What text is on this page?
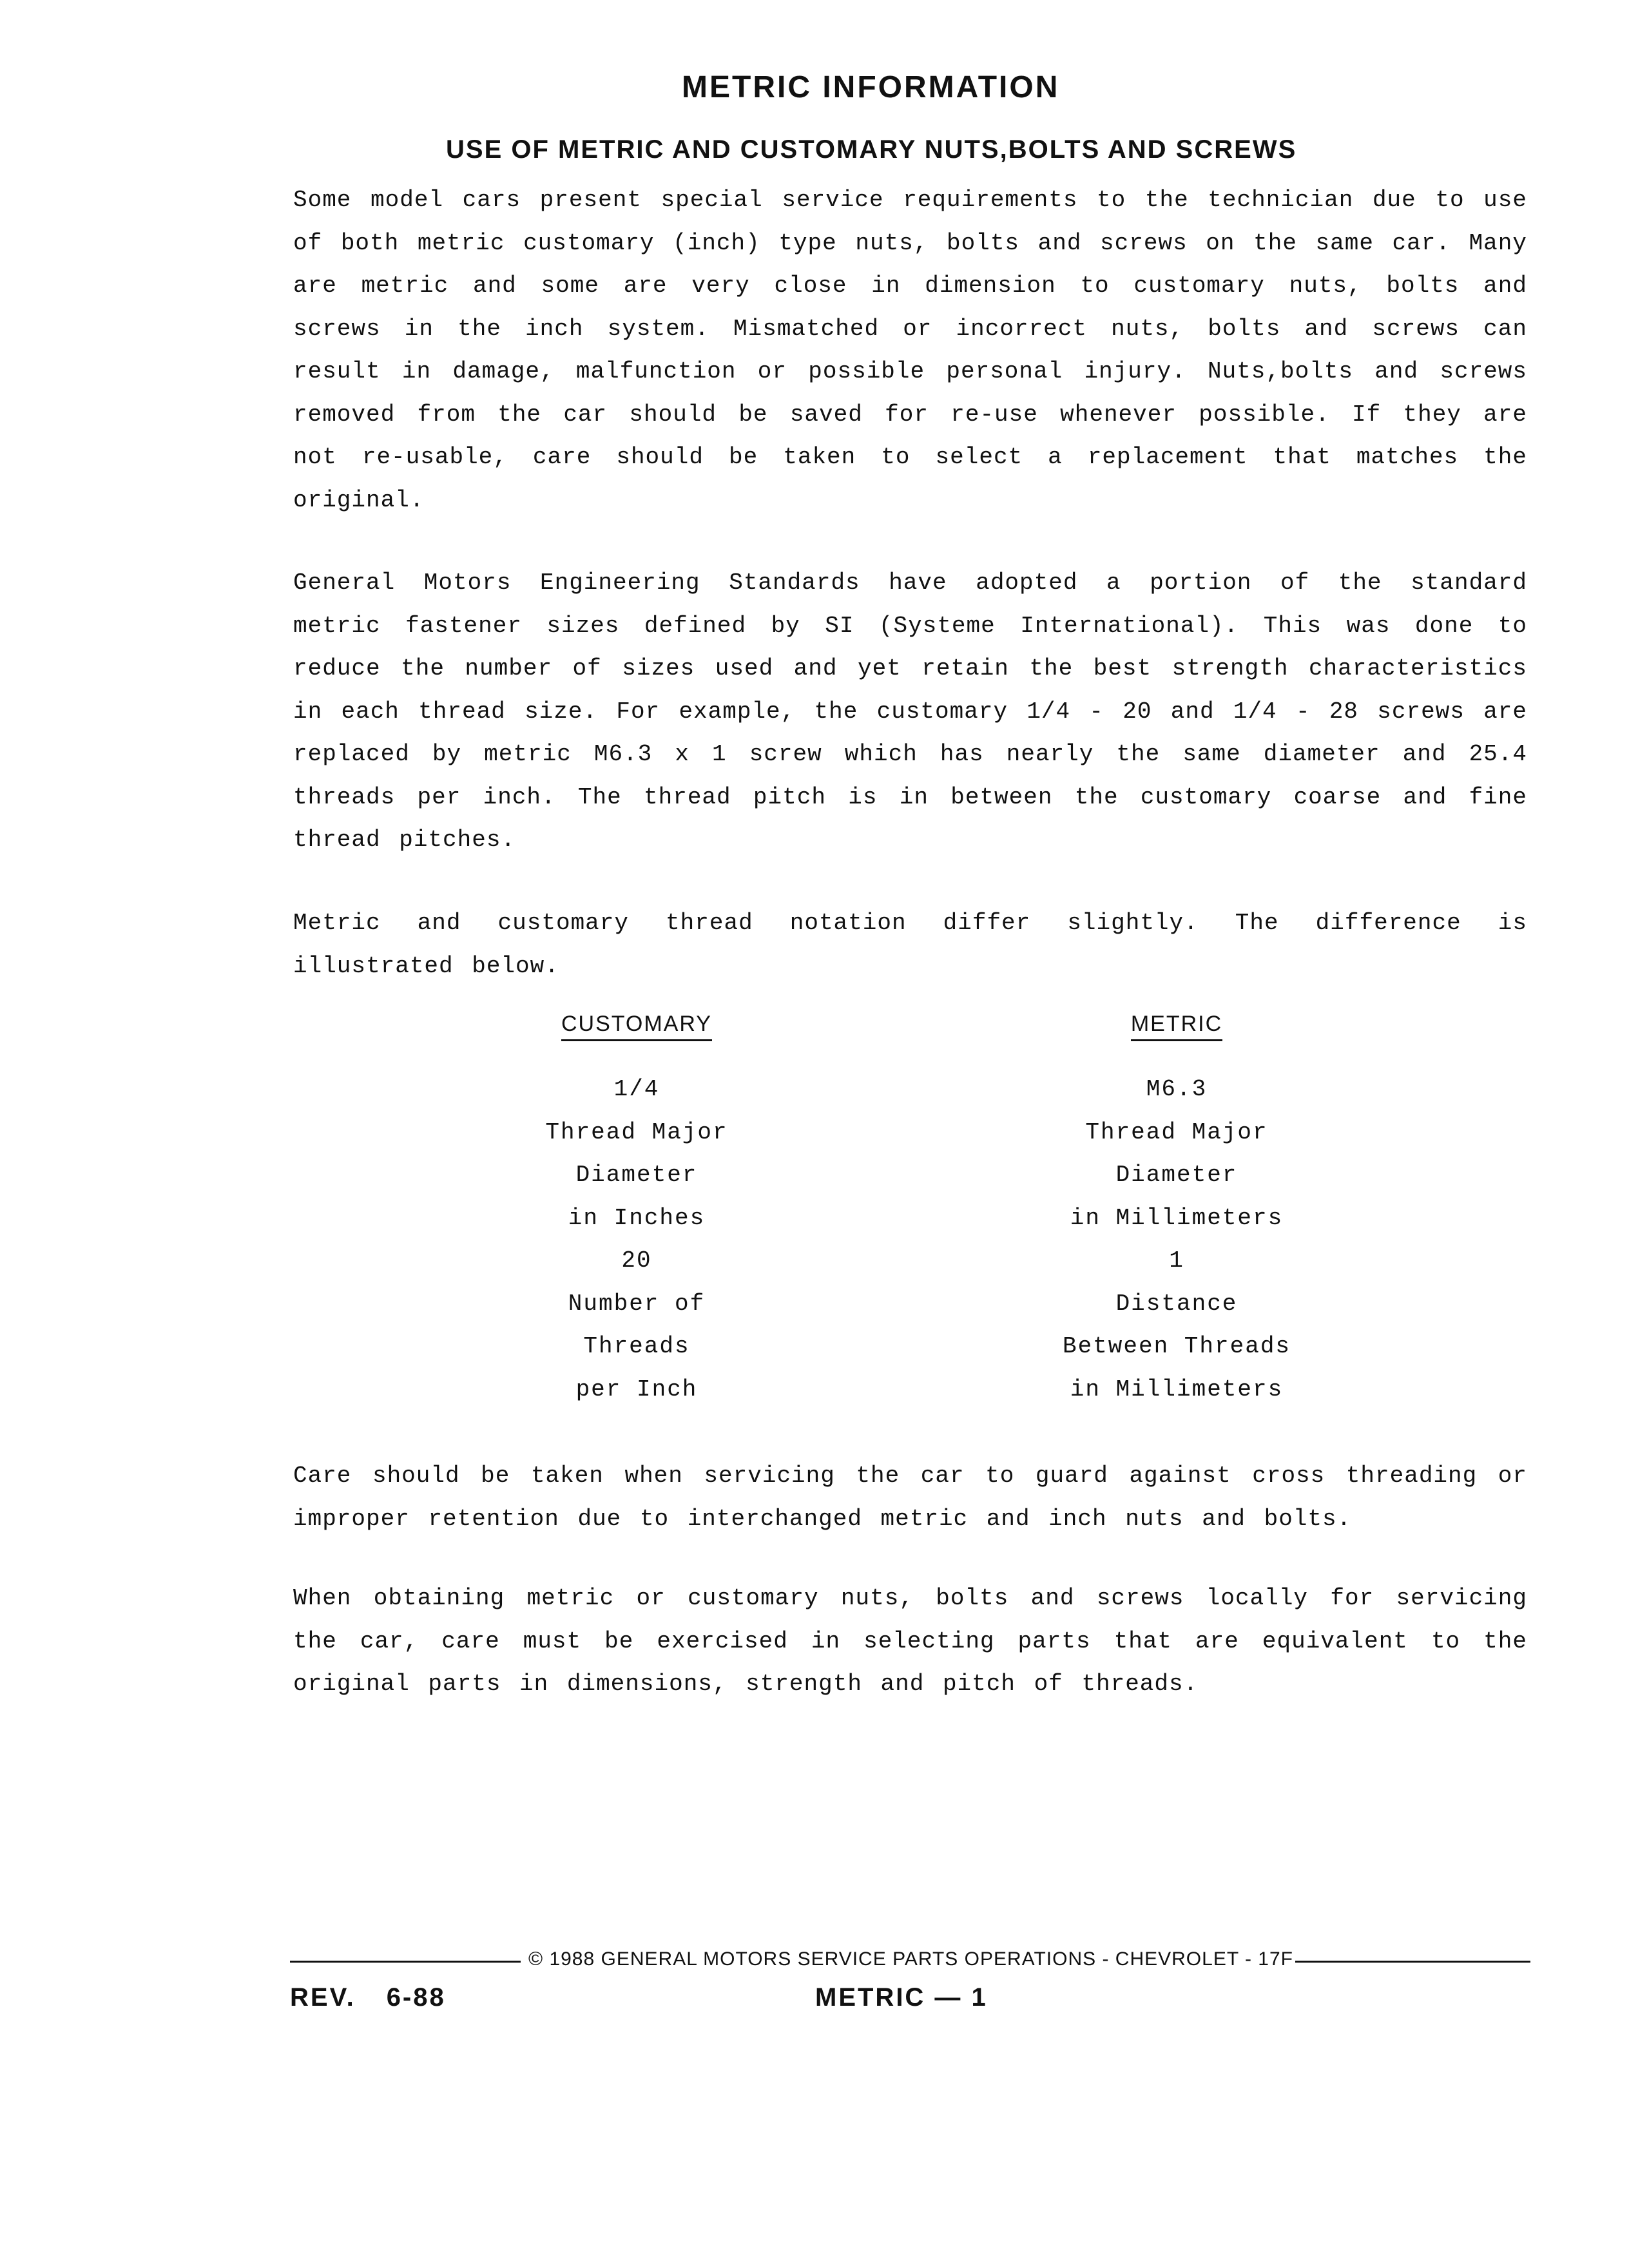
METRIC INFORMATION
USE OF METRIC AND CUSTOMARY NUTS,BOLTS AND SCREWS

Some model cars present special service requirements to the technician due to use of both metric customary (inch) type nuts, bolts and screws on the same car. Many are metric and some are very close in dimension to customary nuts, bolts and screws in the inch system. Mismatched or incorrect nuts, bolts and screws can result in damage, malfunction or possible personal injury. Nuts,bolts and screws removed from the car should be saved for re-use whenever possible. If they are not re-usable, care should be taken to select a replacement that matches the original.

General Motors Engineering Standards have adopted a portion of the standard metric fastener sizes defined by SI (Systeme International). This was done to reduce the number of sizes used and yet retain the best strength characteristics in each thread size. For example, the customary 1/4 - 20 and 1/4 - 28 screws are replaced by metric M6.3 x 1 screw which has nearly the same diameter and 25.4 threads per inch. The thread pitch is in between the customary coarse and fine thread pitches.

Metric and customary thread notation differ slightly. The difference is illustrated below.

CUSTOMARY
1/4
Thread Major
Diameter
in Inches
20
Number of
Threads
per Inch
METRIC
M6.3
Thread Major
Diameter
in Millimeters
1
Distance
Between Threads
in Millimeters

Care should be taken when servicing the car to guard against cross threading or improper retention due to interchanged metric and inch nuts and bolts.

When obtaining metric or customary nuts, bolts and screws locally for servicing the car, care must be exercised in selecting parts that are equivalent to the original parts in dimensions, strength and pitch of threads.

© 1988 GENERAL MOTORS SERVICE PARTS OPERATIONS - CHEVROLET - 17F
REV. 6-88	METRIC — 1
